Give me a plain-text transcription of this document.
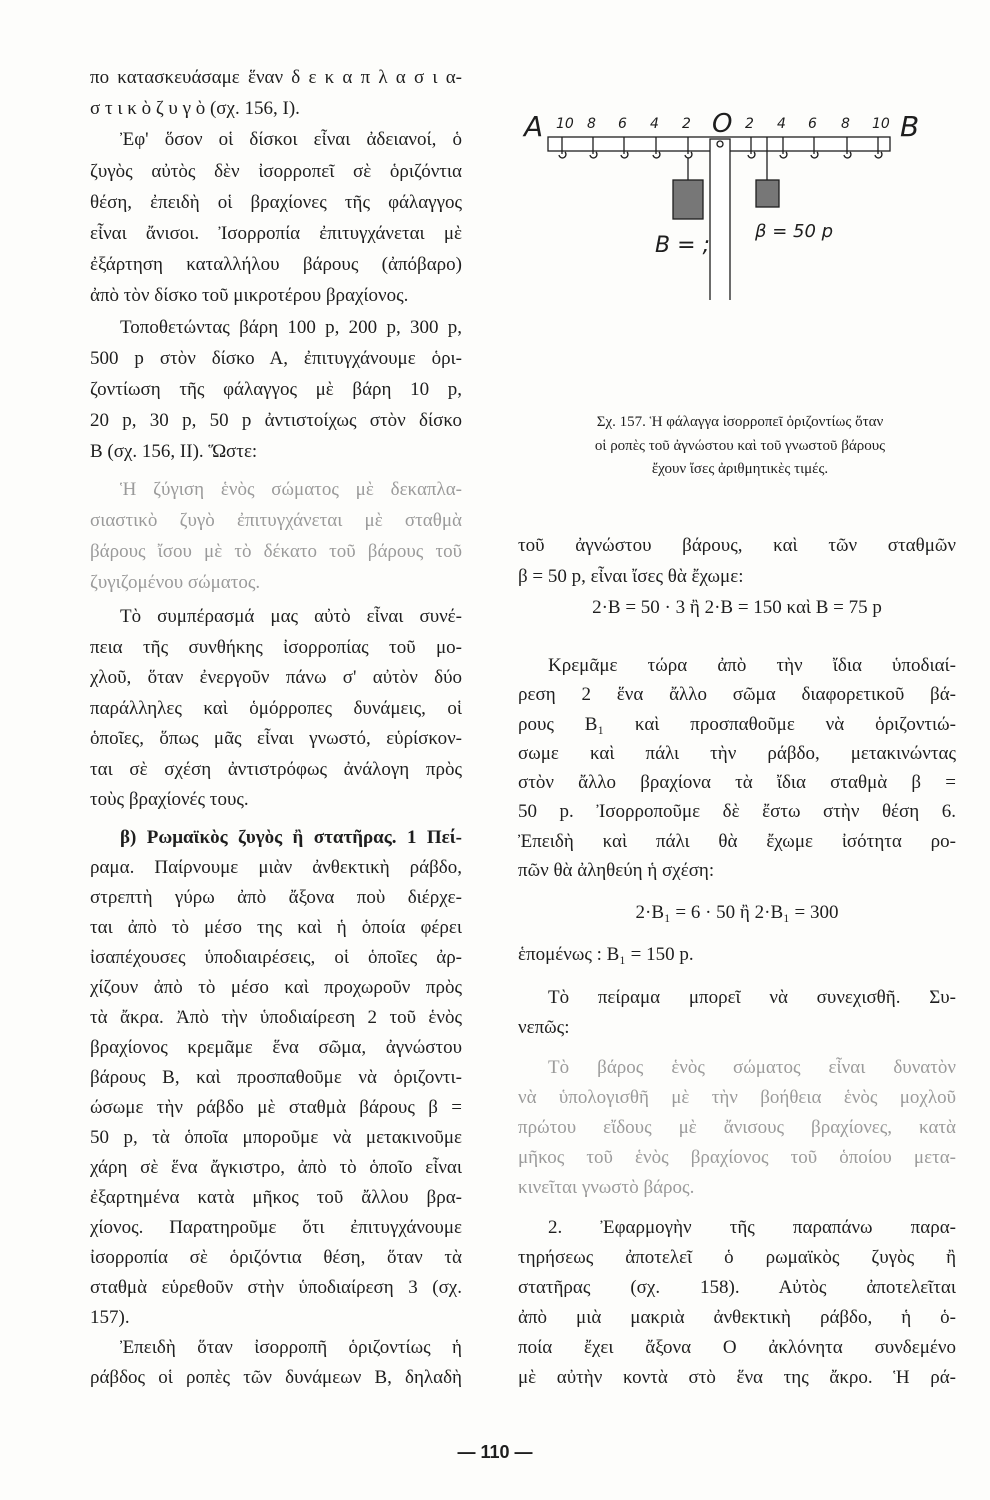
πο κατασκευάσαμε ἕναν δ ε κ α π λ α σ ι α-
σ τ ι κ ὸ ζ υ γ ὸ (σχ. 156, Ι).
Ἐφ' ὅσον οἱ δίσκοι εἶναι ἀδειανοί, ὁ
ζυγὸς αὐτὸς δὲν ἰσορροπεῖ σὲ ὁριζόντια
θέση, ἐπειδὴ οἱ βραχίονες τῆς φάλαγγος
εἶναι ἄνισοι. Ἰσορροπία ἐπιτυγχάνεται μὲ
ἐξάρτηση καταλλήλου βάρους (ἀπόβαρο)
ἀπὸ τὸν δίσκο τοῦ μικροτέρου βραχίονος.
Τοποθετώντας βάρη 100 p, 200 p, 300 p,
500 p στὸν δίσκο Α, ἐπιτυγχάνουμε ὁρι-
ζοντίωση τῆς φάλαγγος μὲ βάρη 10 p,
20 p, 30 p, 50 p ἀντιστοίχως στὸν δίσκο
Β (σχ. 156, ΙΙ). Ὥστε:
Ἡ ζύγιση ἑνὸς σώματος μὲ δεκαπλα-
σιαστικὸ ζυγὸ ἐπιτυγχάνεται μὲ σταθμὰ
βάρους ἴσου μὲ τὸ δέκατο τοῦ βάρους τοῦ
ζυγιζομένου σώματος.
Τὸ συμπέρασμά μας αὐτὸ εἶναι συνέ-
πεια τῆς συνθήκης ἰσορροπίας τοῦ μο-
χλοῦ, ὅταν ἐνεργοῦν πάνω σ' αὐτὸν δύο
παράλληλες καὶ ὁμόρροπες δυνάμεις, οἱ
ὁποῖες, ὅπως μᾶς εἶναι γνωστό, εὑρίσκον-
ται σὲ σχέση ἀντιστρόφως ἀνάλογη πρὸς
τοὺς βραχίονές τους.
β) Ρωμαϊκὸς ζυγὸς ἢ στατῆρας. 1 Πεί-
ραμα. Παίρνουμε μιὰν ἀνθεκτικὴ ράβδο,
στρεπτὴ γύρω ἀπὸ ἄξονα ποὺ διέρχε-
ται ἀπὸ τὸ μέσο της καὶ ἡ ὁποία φέρει
ἰσαπέχουσες ὑποδιαιρέσεις, οἱ ὁποῖες ἀρ-
χίζουν ἀπὸ τὸ μέσο καὶ προχωροῦν πρὸς
τὰ ἄκρα. Ἀπὸ τὴν ὑποδιαίρεση 2 τοῦ ἑνὸς
βραχίονος κρεμᾶμε ἕνα σῶμα, ἀγνώστου
βάρους Β, καὶ προσπαθοῦμε νὰ ὁριζοντι-
ώσωμε τὴν ράβδο μὲ σταθμὰ βάρους β =
50 p, τὰ ὁποῖα μποροῦμε νὰ μετακινοῦμε
χάρη σὲ ἕνα ἄγκιστρο, ἀπὸ τὸ ὁποῖο εἶναι
ἐξαρτημένα κατὰ μῆκος τοῦ ἄλλου βρα-
χίονος. Παρατηροῦμε ὅτι ἐπιτυγχάνουμε
ἰσορροπία σὲ ὁριζόντια θέση, ὅταν τὰ
σταθμὰ εὑρεθοῦν στὴν ὑποδιαίρεση 3 (σχ.
157).
Ἐπειδὴ ὅταν ἰσορροπῆ ὁριζοντίως ἡ
ράβδος οἱ ροπὲς τῶν δυνάμεων Β, δηλαδὴ
τοῦ ἀγνώστου βάρους, καὶ τῶν σταθμῶν
β = 50 p, εἶναι ἴσες θὰ ἔχωμε:
2·Β = 50 · 3 ἢ 2·Β = 150 καὶ Β = 75 p
Κρεμᾶμε τώρα ἀπὸ τὴν ἴδια ὑποδιαί-
ρεση 2 ἕνα ἄλλο σῶμα διαφορετικοῦ βά-
ρους Β₁ καὶ προσπαθοῦμε νὰ ὁριζοντιώ-
σωμε καὶ πάλι τὴν ράβδο, μετακινώντας
στὸν ἄλλο βραχίονα τὰ ἴδια σταθμὰ β =
50 p. Ἰσορροποῦμε δὲ ἔστω στὴν θέση 6.
Ἐπειδὴ καὶ πάλι θὰ ἔχωμε ἰσότητα ρο-
πῶν θὰ ἀληθεύη ἡ σχέση:
2·Β₁ = 6 · 50 ἢ 2·Β₁ = 300
ἑπομένως : Β₁ = 150 p.
Τὸ πείραμα μπορεῖ νὰ συνεχισθῆ. Συ-
νεπῶς:
Τὸ βάρος ἑνὸς σώματος εἶναι δυνατὸν
νὰ ὑπολογισθῆ μὲ τὴν βοήθεια ἑνὸς μοχλοῦ
πρώτου εἴδους μὲ ἄνισους βραχίονες, κατὰ
μῆκος τοῦ ἑνὸς βραχίονος τοῦ ὁποίου μετα-
κινεῖται γνωστὸ βάρος.
2. Ἐφαρμογὴν τῆς παραπάνω παρα-
τηρήσεως ἀποτελεῖ ὁ ρωμαϊκὸς ζυγὸς ἢ
στατῆρας (σχ. 158). Αὐτὸς ἀποτελεῖται
ἀπὸ μιὰ μακριὰ ἀνθεκτικὴ ράβδο, ἡ ὁ-
ποία ἔχει ἄξονα Ο ἀκλόνητα συνδεμένο
μὲ αὐτὴν κοντὰ στὸ ἕνα της ἄκρο. Ἡ ρά-
A	O	B
10 8 6 4 2	2 4 6 8 10
B = ;
β = 50 p
Σχ. 157. Ἡ φάλαγγα ἰσορροπεῖ ὁριζοντίως ὅταν
οἱ ροπὲς τοῦ ἀγνώστου καὶ τοῦ γνωστοῦ βάρους
ἔχουν ἴσες ἀριθμητικὲς τιμές.
— 110 —
